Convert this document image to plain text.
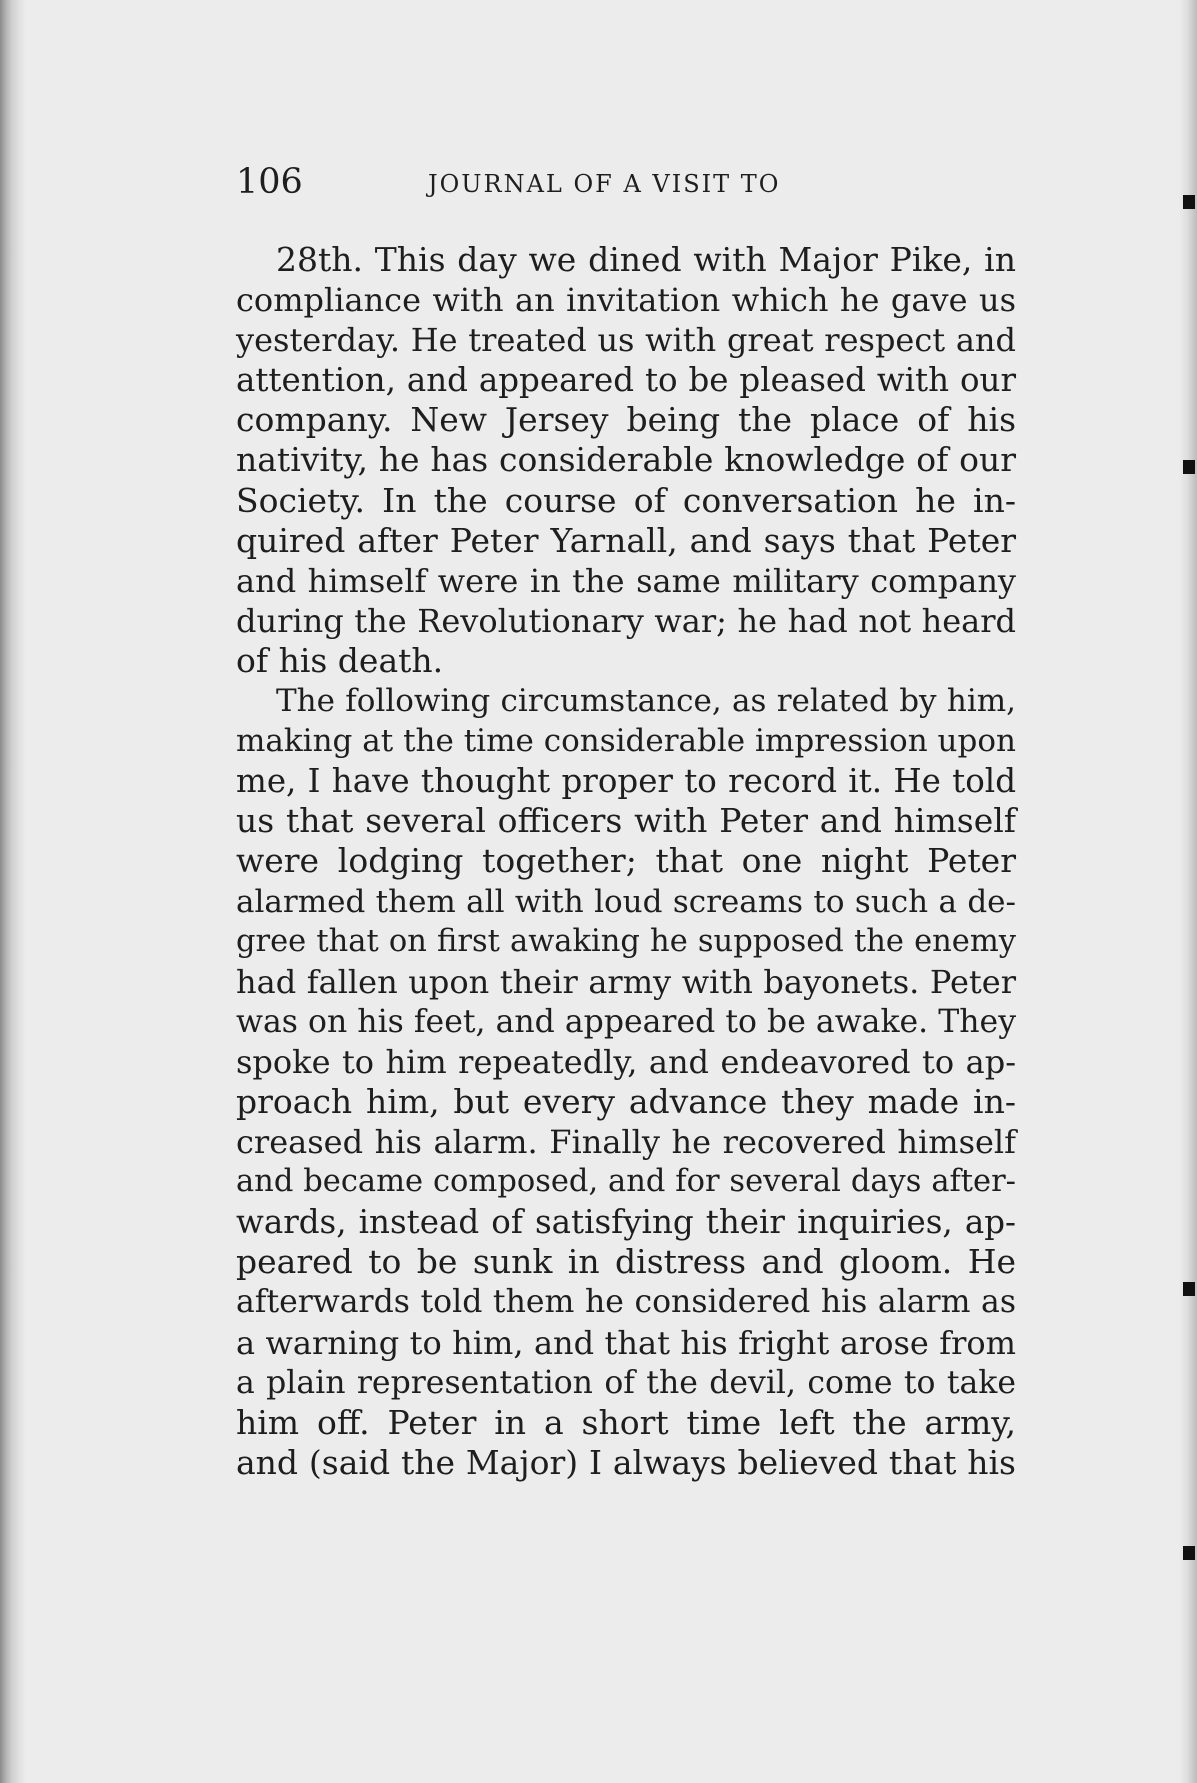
106	JOURNAL OF A VISIT TO
28th. This day we dined with Major Pike, in
compliance with an invitation which he gave us
yesterday. He treated us with great respect and
attention, and appeared to be pleased with our
company. New Jersey being the place of his
nativity, he has considerable knowledge of our
Society. In the course of conversation he in-
quired after Peter Yarnall, and says that Peter
and himself were in the same military company
during the Revolutionary war; he had not heard
of his death.
The following circumstance, as related by him,
making at the time considerable impression upon
me, I have thought proper to record it. He told
us that several officers with Peter and himself
were lodging together; that one night Peter
alarmed them all with loud screams to such a de-
gree that on first awaking he supposed the enemy
had fallen upon their army with bayonets. Peter
was on his feet, and appeared to be awake. They
spoke to him repeatedly, and endeavored to ap-
proach him, but every advance they made in-
creased his alarm. Finally he recovered himself
and became composed, and for several days after-
wards, instead of satisfying their inquiries, ap-
peared to be sunk in distress and gloom. He
afterwards told them he considered his alarm as
a warning to him, and that his fright arose from
a plain representation of the devil, come to take
him off. Peter in a short time left the army,
and (said the Major) I always believed that his
